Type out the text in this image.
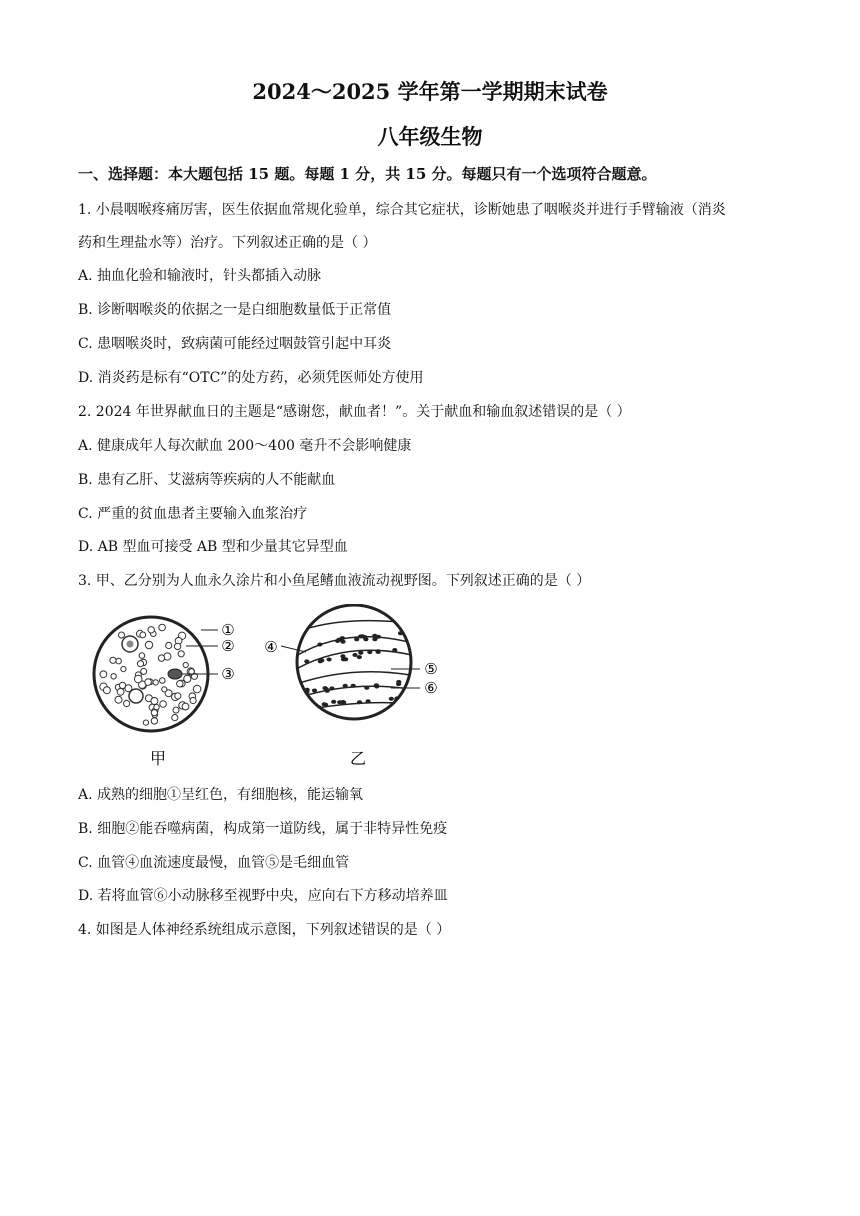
2024～2025 学年第一学期期末试卷
八年级生物
一、选择题：本大题包括 15 题。每题 1 分，共 15 分。每题只有一个选项符合题意。
1. 小晨咽喉疼痛厉害，医生依据血常规化验单，综合其它症状，诊断她患了咽喉炎并进行手臂输液（消炎
药和生理盐水等）治疗。下列叙述正确的是（ ）
A. 抽血化验和输液时，针头都插入动脉
B. 诊断咽喉炎的依据之一是白细胞数量低于正常值
C. 患咽喉炎时，致病菌可能经过咽鼓管引起中耳炎
D. 消炎药是标有“OTC”的处方药，必须凭医师处方使用
2. 2024 年世界献血日的主题是“感谢您，献血者！”。关于献血和输血叙述错误的是（ ）
A. 健康成年人每次献血 200～400 毫升不会影响健康
B. 患有乙肝、艾滋病等疾病的人不能献血
C. 严重的贫血患者主要输入血浆治疗
D. AB 型血可接受 AB 型和少量其它异型血
3. 甲、乙分别为人血永久涂片和小鱼尾鳍血液流动视野图。下列叙述正确的是（ ）
①
②
③
甲
④
⑤
⑥
乙
A. 成熟的细胞①呈红色，有细胞核，能运输氧
B. 细胞②能吞噬病菌，构成第一道防线，属于非特异性免疫
C. 血管④血流速度最慢，血管⑤是毛细血管
D. 若将血管⑥小动脉移至视野中央，应向右下方移动培养皿
4. 如图是人体神经系统组成示意图，下列叙述错误的是（ ）
